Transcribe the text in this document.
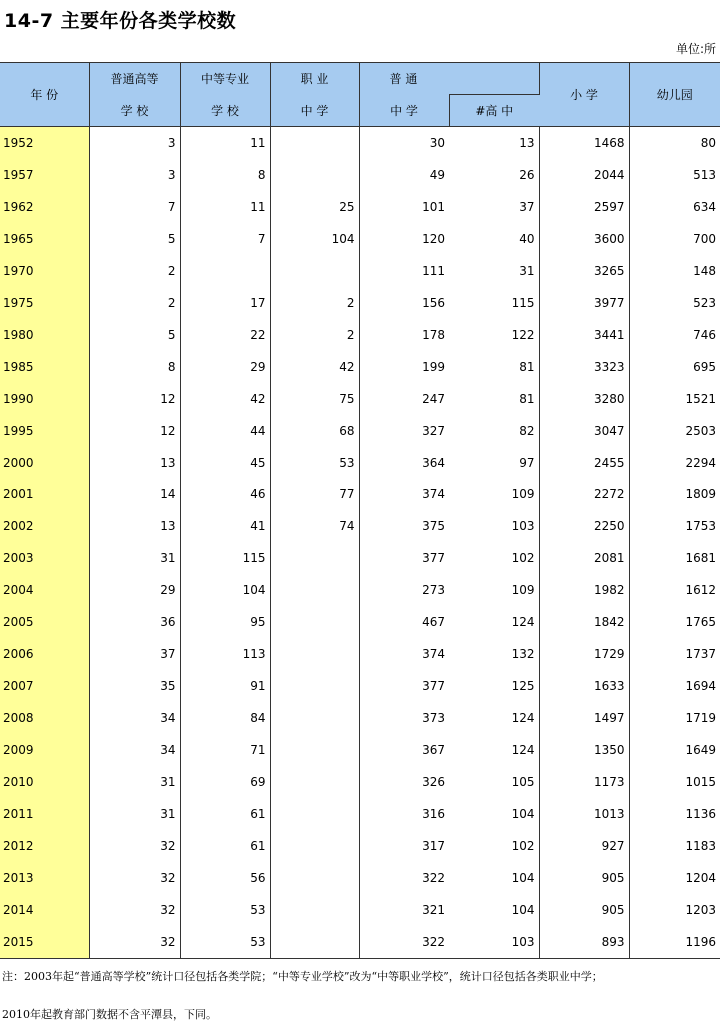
14-7 主要年份各类学校数
单位:所
年 份	普通高等	中等专业	职 业	普 通		小 学	幼儿园
	学 校	学 校	中 学	中 学	#高 中		
1952	3	11		30	13	1468	80
1957	3	8		49	26	2044	513
1962	7	11	25	101	37	2597	634
1965	5	7	104	120	40	3600	700
1970	2			111	31	3265	148
1975	2	17	2	156	115	3977	523
1980	5	22	2	178	122	3441	746
1985	8	29	42	199	81	3323	695
1990	12	42	75	247	81	3280	1521
1995	12	44	68	327	82	3047	2503
2000	13	45	53	364	97	2455	2294
2001	14	46	77	374	109	2272	1809
2002	13	41	74	375	103	2250	1753
2003	31	115		377	102	2081	1681
2004	29	104		273	109	1982	1612
2005	36	95		467	124	1842	1765
2006	37	113		374	132	1729	1737
2007	35	91		377	125	1633	1694
2008	34	84		373	124	1497	1719
2009	34	71		367	124	1350	1649
2010	31	69		326	105	1173	1015
2011	31	61		316	104	1013	1136
2012	32	61		317	102	927	1183
2013	32	56		322	104	905	1204
2014	32	53		321	104	905	1203
2015	32	53		322	103	893	1196
注：2003年起“普通高等学校”统计口径包括各类学院；“中等专业学校”改为“中等职业学校”，统计口径包括各类职业中学；
2010年起教育部门数据不含平潭县，下同。
